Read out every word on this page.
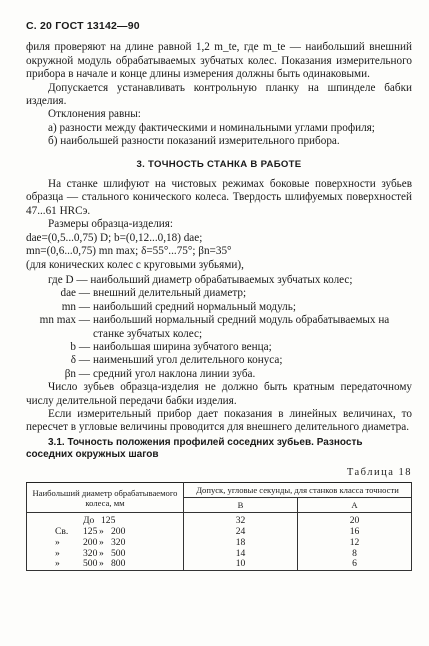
С. 20 ГОСТ 13142—90

филя проверяют на длине равной 1,2 m_te, где m_te — наибольший внешний окружной модуль обрабатываемых зубчатых колес. Показания измерительного прибора в начале и конце длины измерения должны быть одинаковыми.

Допускается устанавливать контрольную планку на шпинделе бабки изделия.

Отклонения равны:

а) разности между фактическими и номинальными углами профиля;

б) наибольшей разности показаний измерительного прибора.

3. ТОЧНОСТЬ СТАНКА В РАБОТЕ

На станке шлифуют на чистовых режимах боковые поверхности зубьев образца — стального конического колеса. Твердость шлифуемых поверхностей 47...61 HRCэ.

Размеры образца-изделия:

dae=(0,5...0,75) D; b=(0,12...0,18) dae;

mn=(0,6...0,75) mn max; δ=55°...75°; βn=35°

(для конических колес с круговыми зубьями),

где D — наибольший диаметр обрабатываемых зубчатых колес;

dae — внешний делительный диаметр;
mn — наибольший средний нормальный модуль;
mn max — наибольший нормальный средний модуль обрабатываемых на станке зубчатых колес;
b — наибольшая ширина зубчатого венца;
δ — наименьший угол делительного конуса;
βn — средний угол наклона линии зуба.

Число зубьев образца-изделия не должно быть кратным передаточному числу делительной передачи бабки изделия.

Если измерительный прибор дает показания в линейных величинах, то пересчет в угловые величины проводится для внешнего делительного диаметра.

3.1. Точность положения профилей соседних зубьев. Разность соседних окружных шагов
Таблица 18
Наибольший диаметр обрабатываемого колеса, мм	Допуск, угловые секунды, для станков класса точности	
	В	А

До 125	32	20

Св. 125 » 200	24	16

» 200 » 320	18	12

» 320 » 500	14	8

» 500 » 800	10	6
